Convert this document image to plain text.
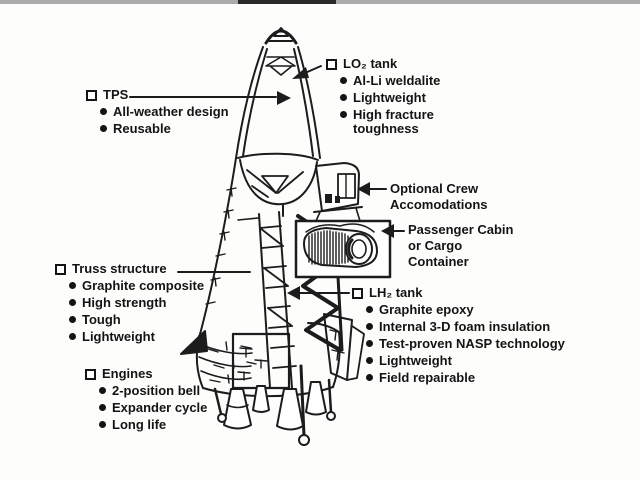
TPS
All-weather design
Reusable
LO₂ tank
Al-Li weldalite
Lightweight
High fracture toughness
Optional Crew Accomodations
Passenger Cabin or Cargo Container
Truss structure
Graphite composite
High strength
Tough
Lightweight
LH₂ tank
Graphite epoxy
Internal 3-D foam insulation
Test-proven NASP technology
Lightweight
Field repairable
Engines
2-position bell
Expander cycle
Long life
